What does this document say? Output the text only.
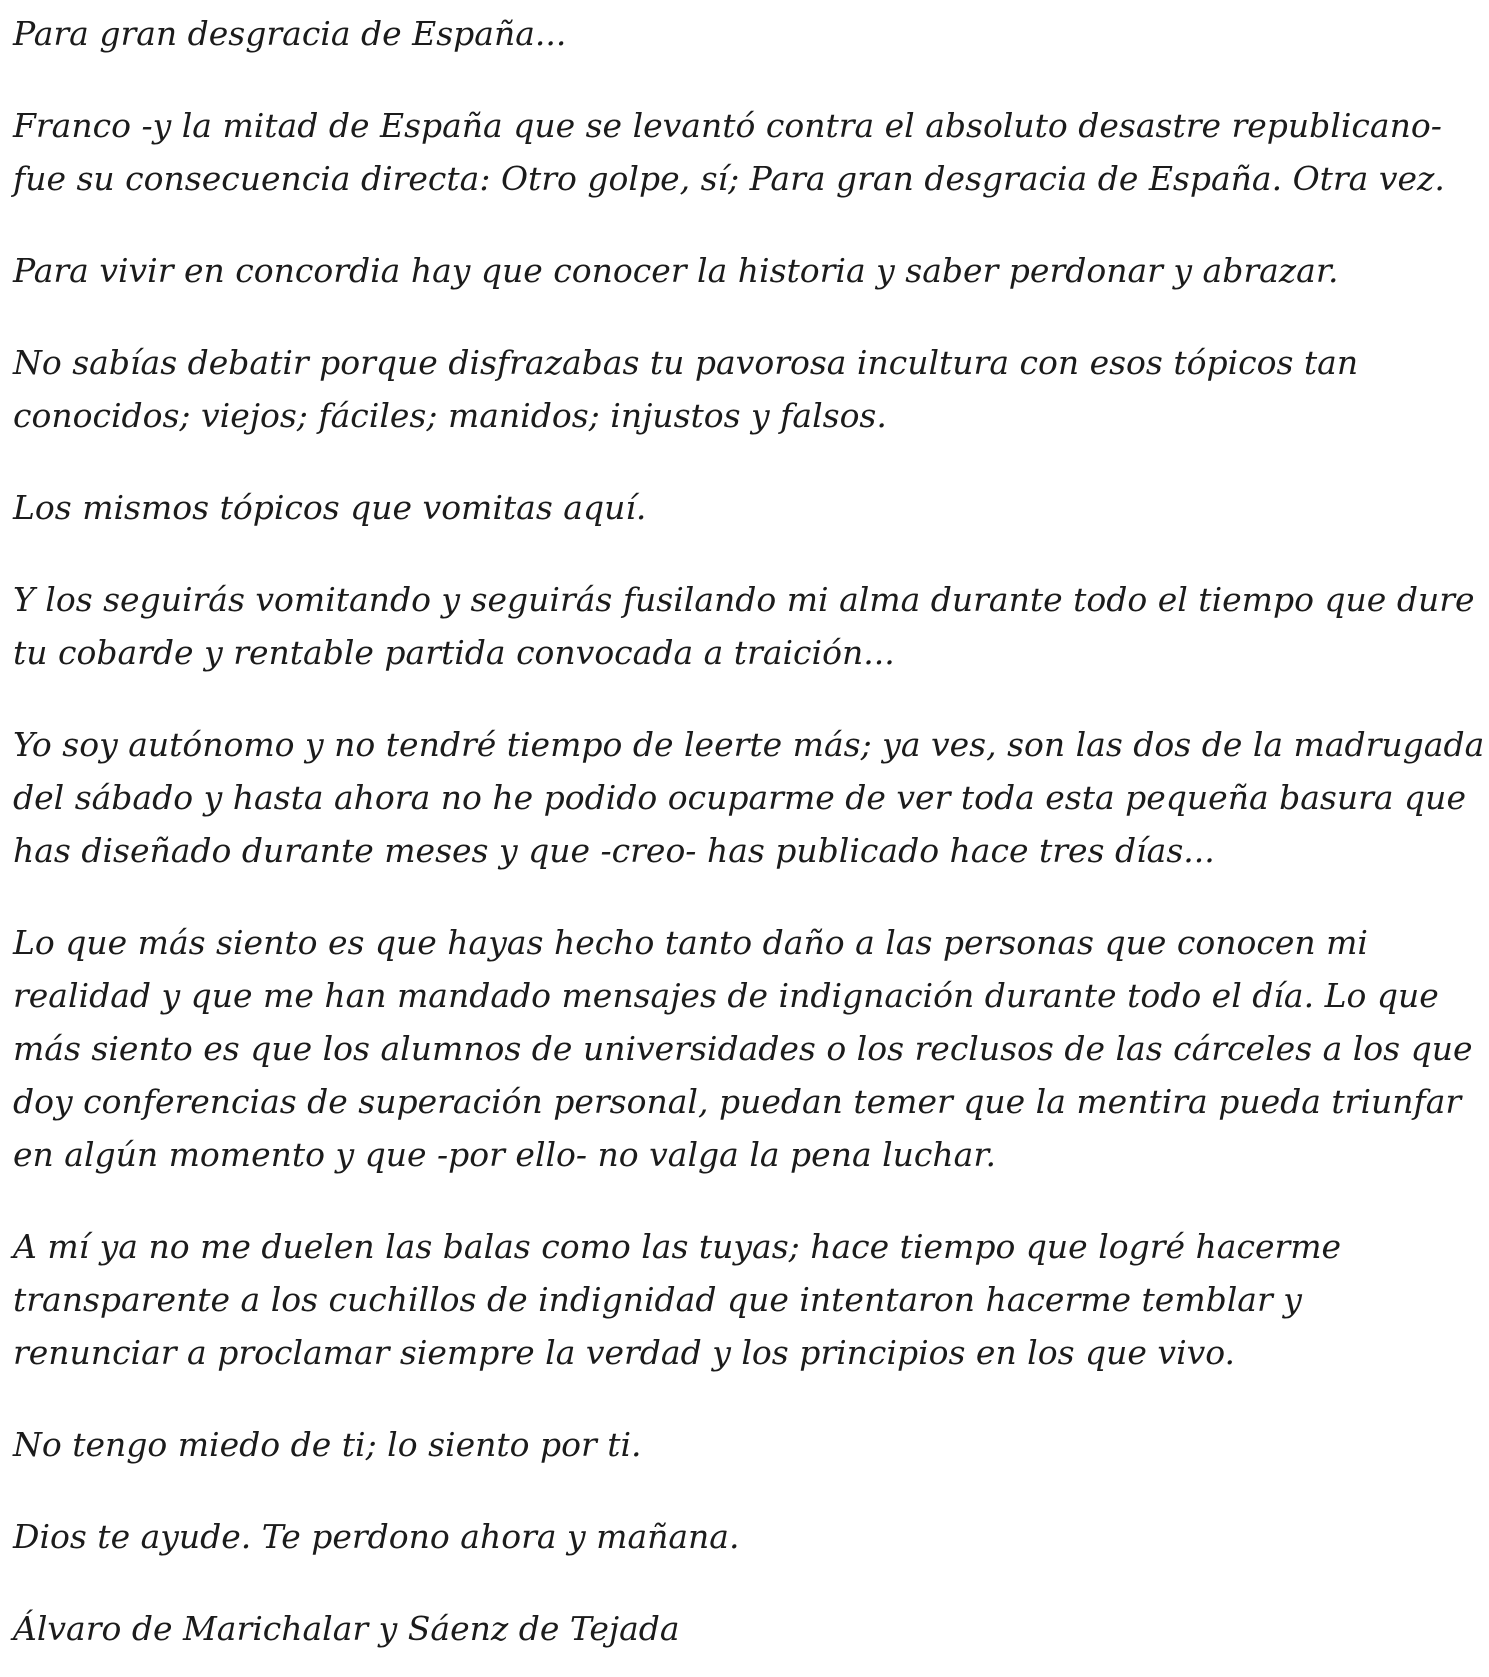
Para gran desgracia de España...

Franco -y la mitad de España que se levantó contra el absoluto desastre republicano-
fue su consecuencia directa: Otro golpe, sí; Para gran desgracia de España. Otra vez.

Para vivir en concordia hay que conocer la historia y saber perdonar y abrazar.

No sabías debatir porque disfrazabas tu pavorosa incultura con esos tópicos tan
conocidos; viejos; fáciles; manidos; injustos y falsos.

Los mismos tópicos que vomitas aquí.

Y los seguirás vomitando y seguirás fusilando mi alma durante todo el tiempo que dure
tu cobarde y rentable partida convocada a traición...

Yo soy autónomo y no tendré tiempo de leerte más; ya ves, son las dos de la madrugada
del sábado y hasta ahora no he podido ocuparme de ver toda esta pequeña basura que
has diseñado durante meses y que -creo- has publicado hace tres días...

Lo que más siento es que hayas hecho tanto daño a las personas que conocen mi
realidad y que me han mandado mensajes de indignación durante todo el día. Lo que
más siento es que los alumnos de universidades o los reclusos de las cárceles a los que
doy conferencias de superación personal, puedan temer que la mentira pueda triunfar
en algún momento y que -por ello- no valga la pena luchar.

A mí ya no me duelen las balas como las tuyas; hace tiempo que logré hacerme
transparente a los cuchillos de indignidad que intentaron hacerme temblar y
renunciar a proclamar siempre la verdad y los principios en los que vivo.

No tengo miedo de ti; lo siento por ti.

Dios te ayude. Te perdono ahora y mañana.

Álvaro de Marichalar y Sáenz de Tejada
